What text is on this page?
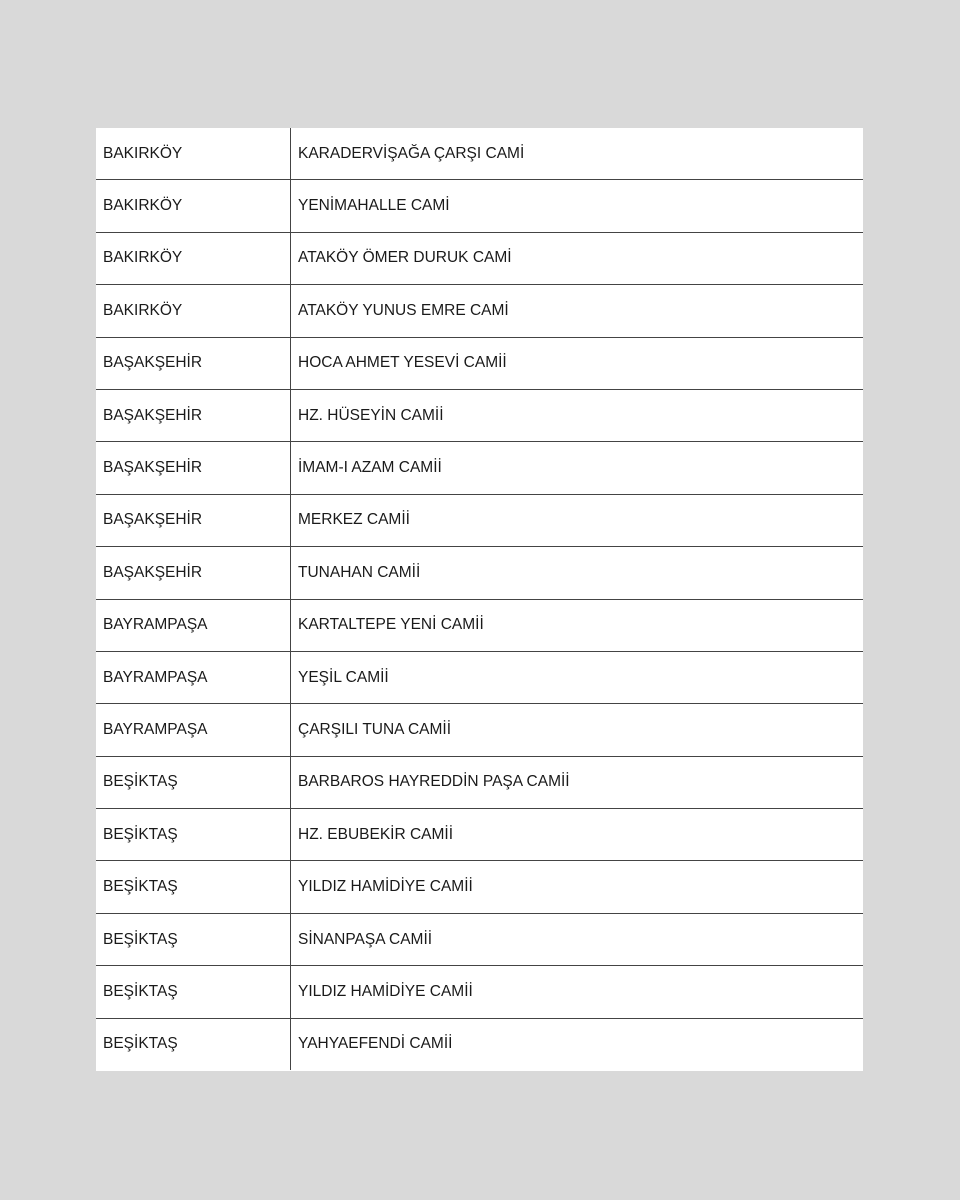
BAKIRKÖY	KARADERVİŞAĞA ÇARŞI CAMİ
BAKIRKÖY	YENİMAHALLE CAMİ
BAKIRKÖY	ATAKÖY ÖMER DURUK CAMİ
BAKIRKÖY	ATAKÖY YUNUS EMRE CAMİ
BAŞAKŞEHİR	HOCA AHMET YESEVİ CAMİİ
BAŞAKŞEHİR	HZ. HÜSEYİN CAMİİ
BAŞAKŞEHİR	İMAM-I AZAM CAMİİ
BAŞAKŞEHİR	MERKEZ CAMİİ
BAŞAKŞEHİR	TUNAHAN CAMİİ
BAYRAMPAŞA	KARTALTEPE YENİ CAMİİ
BAYRAMPAŞA	YEŞİL CAMİİ
BAYRAMPAŞA	ÇARŞILI TUNA CAMİİ
BEŞİKTAŞ	BARBAROS HAYREDDİN PAŞA CAMİİ
BEŞİKTAŞ	HZ. EBUBEKİR CAMİİ
BEŞİKTAŞ	YILDIZ HAMİDİYE CAMİİ
BEŞİKTAŞ	SİNANPAŞA CAMİİ
BEŞİKTAŞ	YILDIZ HAMİDİYE CAMİİ
BEŞİKTAŞ	YAHYAEFENDİ CAMİİ
